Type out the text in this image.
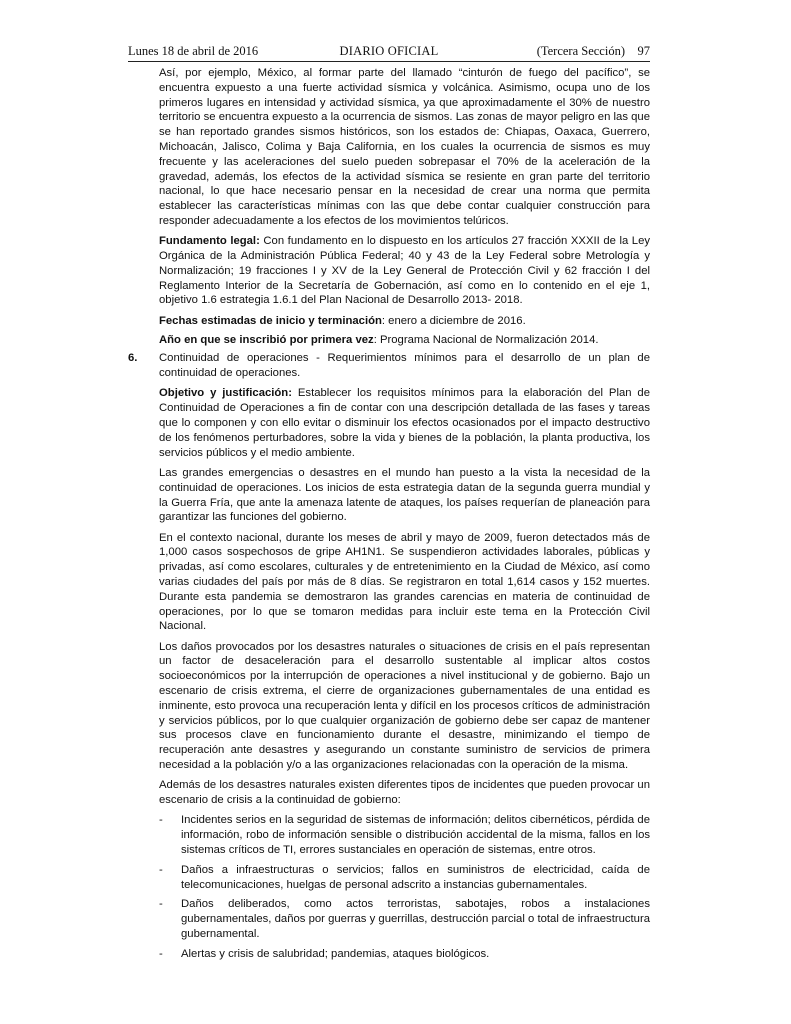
Lunes 18 de abril de 2016	DIARIO OFICIAL	(Tercera Sección) 97

Así, por ejemplo, México, al formar parte del llamado “cinturón de fuego del pacífico”, se encuentra expuesto a una fuerte actividad sísmica y volcánica. Asimismo, ocupa uno de los primeros lugares en intensidad y actividad sísmica, ya que aproximadamente el 30% de nuestro territorio se encuentra expuesto a la ocurrencia de sismos. Las zonas de mayor peligro en las que se han reportado grandes sismos históricos, son los estados de: Chiapas, Oaxaca, Guerrero, Michoacán, Jalisco, Colima y Baja California, en los cuales la ocurrencia de sismos es muy frecuente y las aceleraciones del suelo pueden sobrepasar el 70% de la aceleración de la gravedad, además, los efectos de la actividad sísmica se resiente en gran parte del territorio nacional, lo que hace necesario pensar en la necesidad de crear una norma que permita establecer las características mínimas con las que debe contar cualquier construcción para responder adecuadamente a los efectos de los movimientos telúricos.

Fundamento legal: Con fundamento en lo dispuesto en los artículos 27 fracción XXXII de la Ley Orgánica de la Administración Pública Federal; 40 y 43 de la Ley Federal sobre Metrología y Normalización; 19 fracciones I y XV de la Ley General de Protección Civil y 62 fracción I del Reglamento Interior de la Secretaría de Gobernación, así como en lo contenido en el eje 1, objetivo 1.6 estrategia 1.6.1 del Plan Nacional de Desarrollo 2013- 2018.

Fechas estimadas de inicio y terminación: enero a diciembre de 2016.

Año en que se inscribió por primera vez: Programa Nacional de Normalización 2014.

6. Continuidad de operaciones - Requerimientos mínimos para el desarrollo de un plan de continuidad de operaciones.

Objetivo y justificación: Establecer los requisitos mínimos para la elaboración del Plan de Continuidad de Operaciones a fin de contar con una descripción detallada de las fases y tareas que lo componen y con ello evitar o disminuir los efectos ocasionados por el impacto destructivo de los fenómenos perturbadores, sobre la vida y bienes de la población, la planta productiva, los servicios públicos y el medio ambiente.

Las grandes emergencias o desastres en el mundo han puesto a la vista la necesidad de la continuidad de operaciones. Los inicios de esta estrategia datan de la segunda guerra mundial y la Guerra Fría, que ante la amenaza latente de ataques, los países requerían de planeación para garantizar las funciones del gobierno.

En el contexto nacional, durante los meses de abril y mayo de 2009, fueron detectados más de 1,000 casos sospechosos de gripe AH1N1. Se suspendieron actividades laborales, públicas y privadas, así como escolares, culturales y de entretenimiento en la Ciudad de México, así como varias ciudades del país por más de 8 días. Se registraron en total 1,614 casos y 152 muertes. Durante esta pandemia se demostraron las grandes carencias en materia de continuidad de operaciones, por lo que se tomaron medidas para incluir este tema en la Protección Civil Nacional.

Los daños provocados por los desastres naturales o situaciones de crisis en el país representan un factor de desaceleración para el desarrollo sustentable al implicar altos costos socioeconómicos por la interrupción de operaciones a nivel institucional y de gobierno. Bajo un escenario de crisis extrema, el cierre de organizaciones gubernamentales de una entidad es inminente, esto provoca una recuperación lenta y difícil en los procesos críticos de administración y servicios públicos, por lo que cualquier organización de gobierno debe ser capaz de mantener sus procesos clave en funcionamiento durante el desastre, minimizando el tiempo de recuperación ante desastres y asegurando un constante suministro de servicios de primera necesidad a la población y/o a las organizaciones relacionadas con la operación de la misma.

Además de los desastres naturales existen diferentes tipos de incidentes que pueden provocar un escenario de crisis a la continuidad de gobierno:

- Incidentes serios en la seguridad de sistemas de información; delitos cibernéticos, pérdida de información, robo de información sensible o distribución accidental de la misma, fallos en los sistemas críticos de TI, errores sustanciales en operación de sistemas, entre otros.
- Daños a infraestructuras o servicios; fallos en suministros de electricidad, caída de telecomunicaciones, huelgas de personal adscrito a instancias gubernamentales.
- Daños deliberados, como actos terroristas, sabotajes, robos a instalaciones gubernamentales, daños por guerras y guerrillas, destrucción parcial o total de infraestructura gubernamental.
- Alertas y crisis de salubridad; pandemias, ataques biológicos.
